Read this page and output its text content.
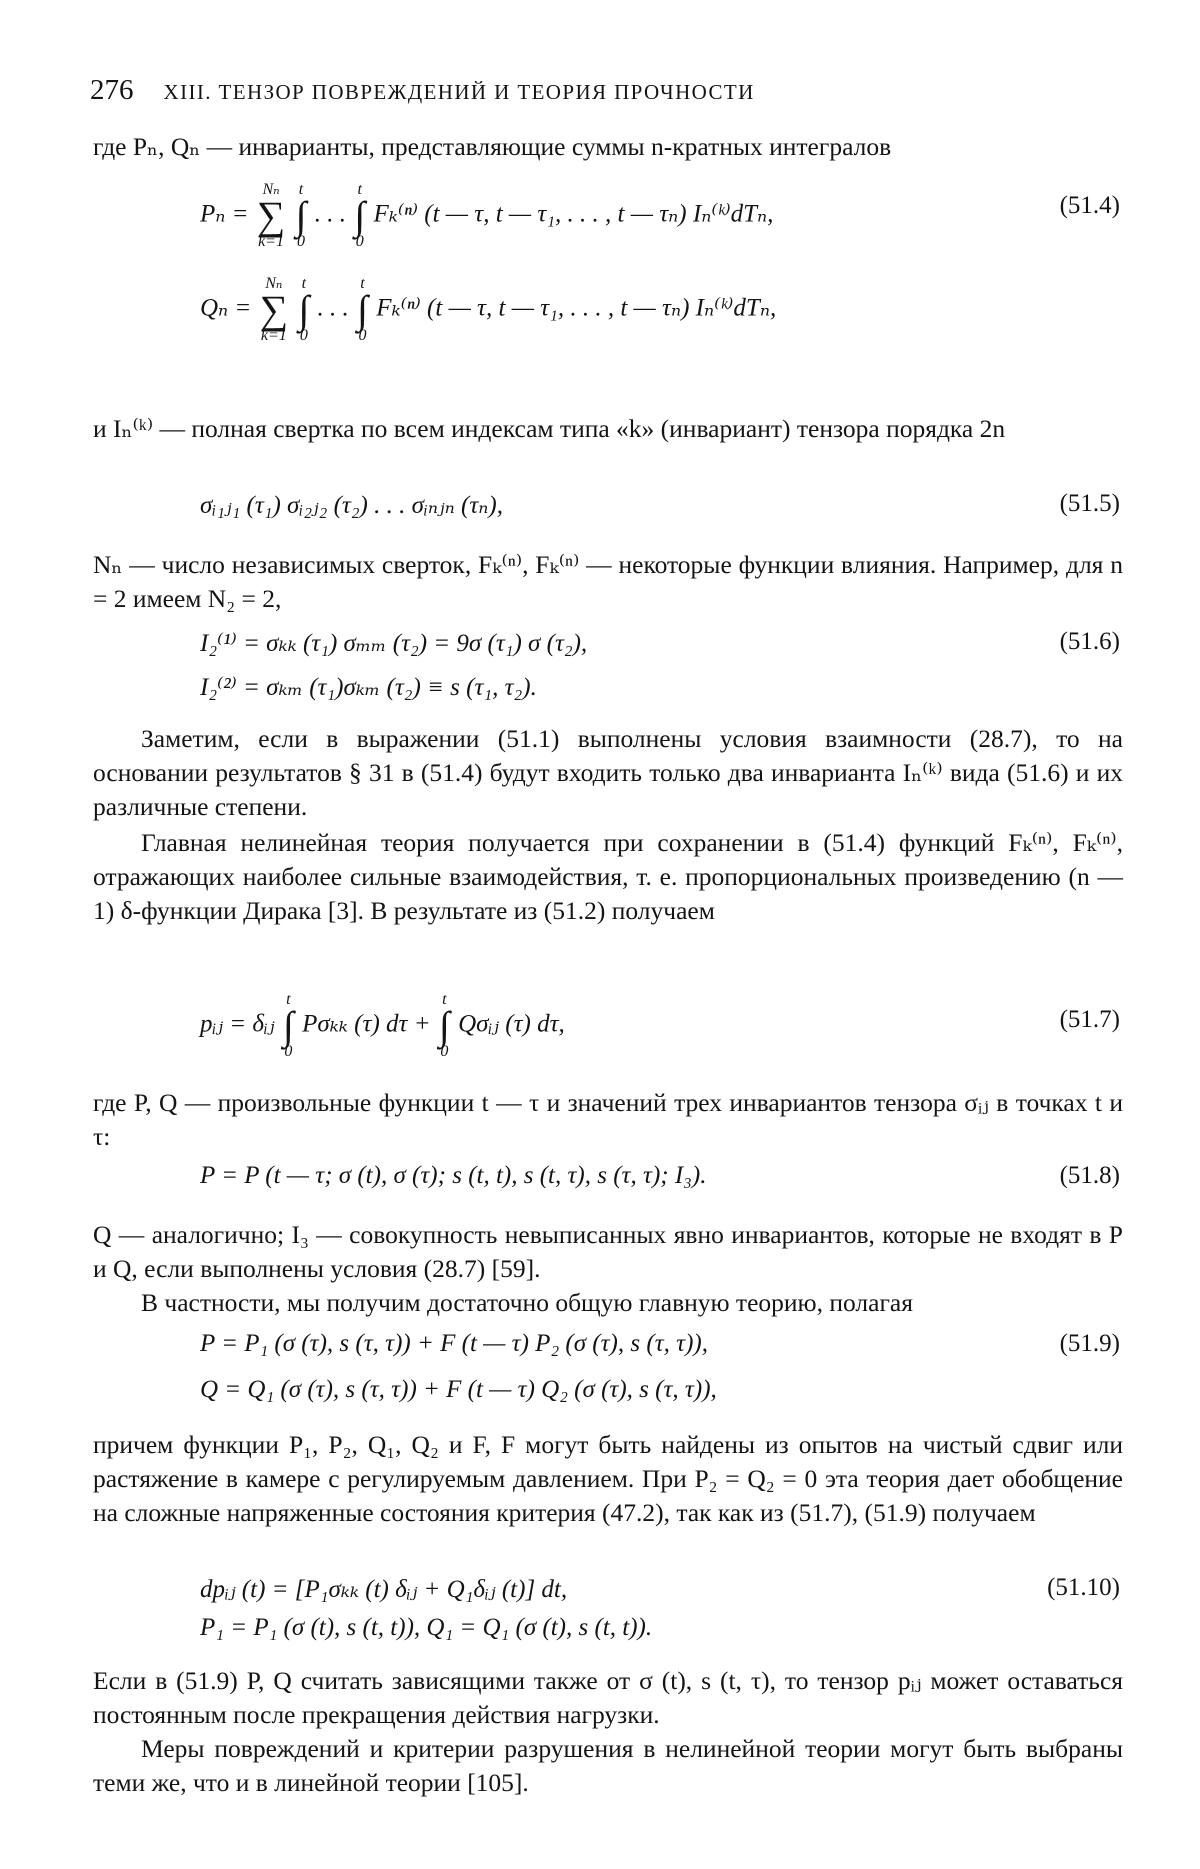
276 XIII. ТЕНЗОР ПОВРЕЖДЕНИЙ И ТЕОРИЯ ПРОЧНОСТИ

где Pₙ, Qₙ — инварианты, представляющие суммы n-кратных интегралов

Pₙ =
Nₙ
∑
k=1

t
∫
0
. . .
t
∫
0
Fₖ⁽ⁿ⁾ (t — τ, t — τ₁, . . . , t — τₙ) Iₙ⁽ᵏ⁾dTₙ,	(51.4)
Qₙ =
Nₙ
∑
k=1

t
∫
0
. . .
t
∫
0
Fₖ⁽ⁿ⁾ (t — τ, t — τ₁, . . . , t — τₙ) Iₙ⁽ᵏ⁾dTₙ,

и Iₙ⁽ᵏ⁾ — полная свертка по всем индексам типа «k» (инвариант) тензора порядка 2n

σᵢ₁ⱼ₁ (τ₁) σᵢ₂ⱼ₂ (τ₂) . . . σᵢₙⱼₙ (τₙ),	(51.5)

Nₙ — число независимых сверток, Fₖ⁽ⁿ⁾, Fₖ⁽ⁿ⁾ — некоторые функции влияния. Например, для n = 2 имеем N₂ = 2,

I₂⁽¹⁾ = σₖₖ (τ₁) σₘₘ (τ₂) = 9σ (τ₁) σ (τ₂),	(51.6)
I₂⁽²⁾ = σₖₘ (τ₁)σₖₘ (τ₂) ≡ s (τ₁, τ₂).

Заметим, если в выражении (51.1) выполнены условия взаимности (28.7), то на основании результатов § 31 в (51.4) будут входить только два инварианта Iₙ⁽ᵏ⁾ вида (51.6) и их различные степени.

Главная нелинейная теория получается при сохранении в (51.4) функций Fₖ⁽ⁿ⁾, Fₖ⁽ⁿ⁾, отражающих наиболее сильные взаимодействия, т. е. пропорциональных произведению (n — 1) δ-функции Дирака [3]. В результате из (51.2) получаем

pᵢⱼ = δᵢⱼ
t
∫
0
Pσₖₖ (τ) dτ +
t
∫
0
Qσᵢⱼ (τ) dτ,	(51.7)

где P, Q — произвольные функции t — τ и значений трех инвариантов тензора σᵢⱼ в точках t и τ:

P = P (t — τ; σ (t), σ (τ); s (t, t), s (t, τ), s (τ, τ); I₃).	(51.8)

Q — аналогично; I₃ — совокупность невыписанных явно инвариантов, которые не входят в P и Q, если выполнены условия (28.7) [59].

В частности, мы получим достаточно общую главную теорию, полагая

P = P₁ (σ (τ), s (τ, τ)) + F (t — τ) P₂ (σ (τ), s (τ, τ)),	(51.9)
Q = Q₁ (σ (τ), s (τ, τ)) + F (t — τ) Q₂ (σ (τ), s (τ, τ)),

причем функции P₁, P₂, Q₁, Q₂ и F, F могут быть найдены из опытов на чистый сдвиг или растяжение в камере с регулируемым давлением. При P₂ = Q₂ = 0 эта теория дает обобщение на сложные напряженные состояния критерия (47.2), так как из (51.7), (51.9) получаем

dpᵢⱼ (t) = [P₁σₖₖ (t) δᵢⱼ + Q₁δᵢⱼ (t)] dt,	(51.10)
P₁ = P₁ (σ (t), s (t, t)), Q₁ = Q₁ (σ (t), s (t, t)).

Если в (51.9) P, Q считать зависящими также от σ (t), s (t, τ), то тензор pᵢⱼ может оставаться постоянным после прекращения действия нагрузки.

Меры повреждений и критерии разрушения в нелинейной теории могут быть выбраны теми же, что и в линейной теории [105].
